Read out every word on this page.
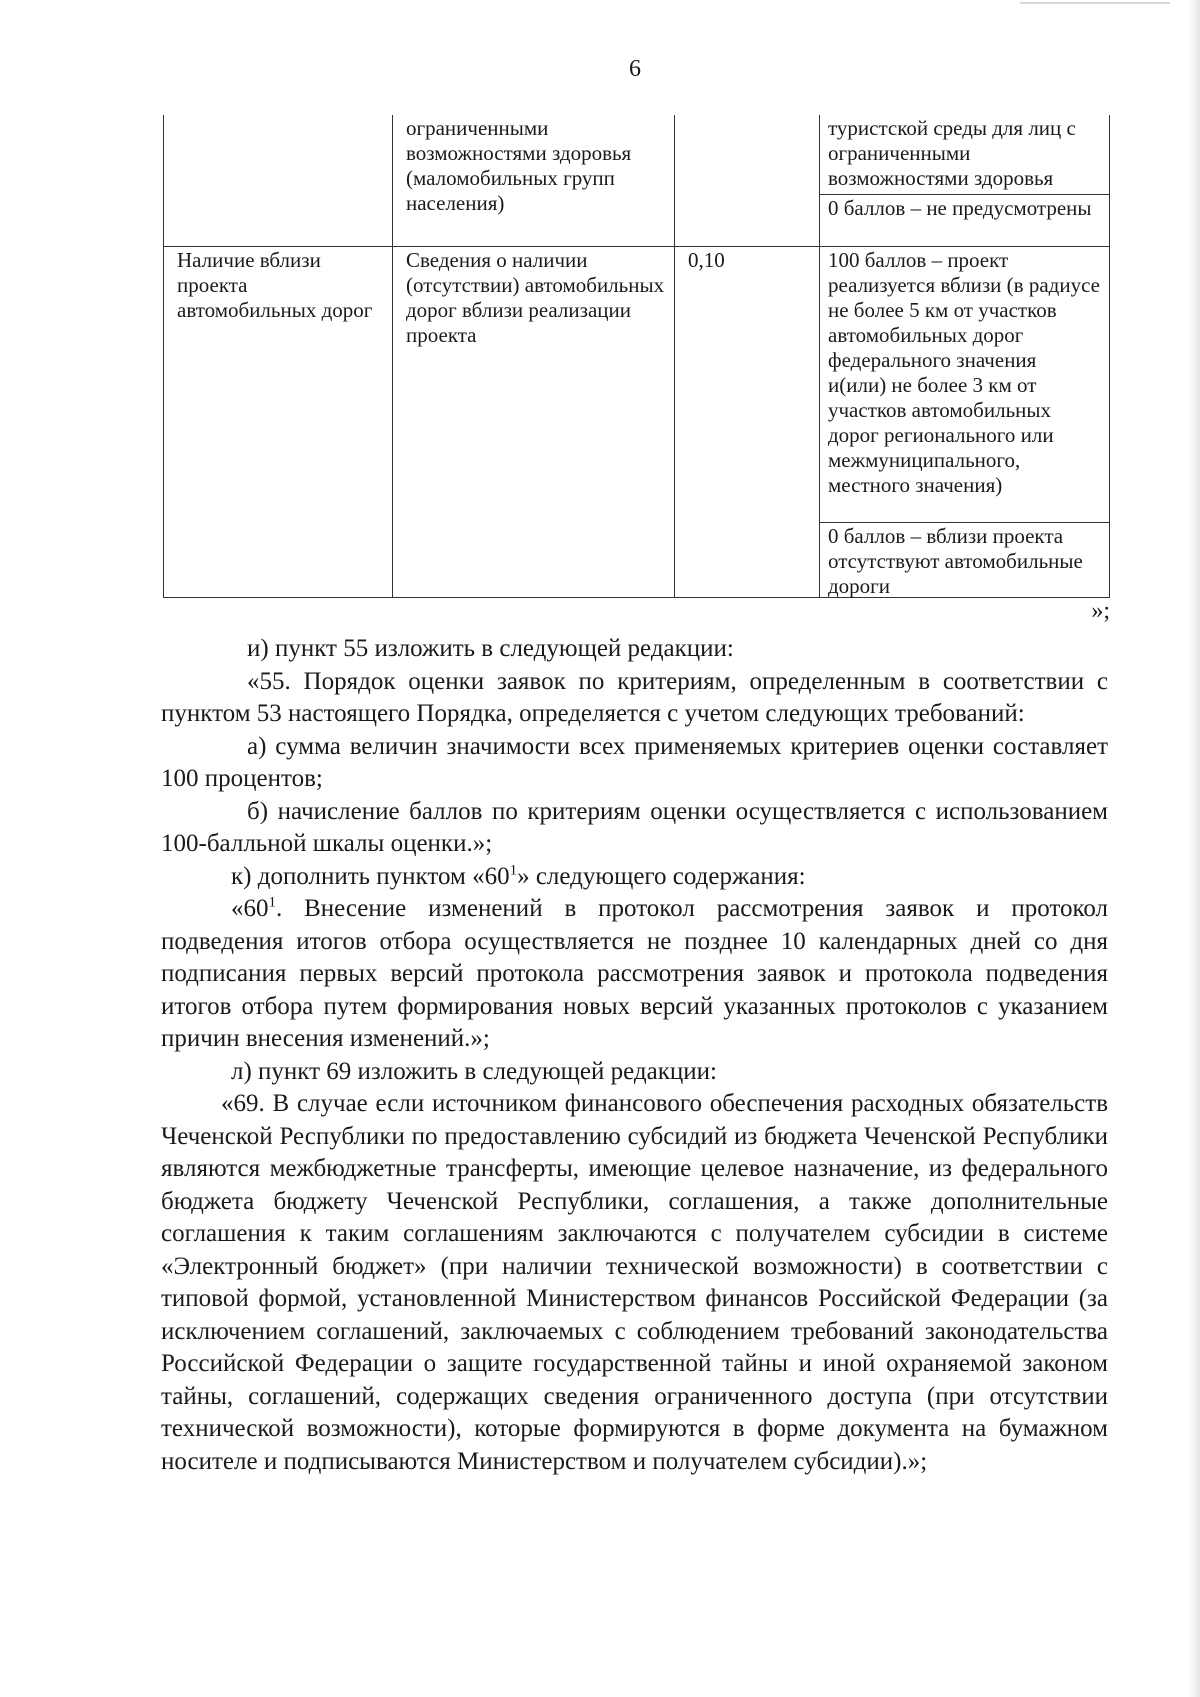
6
	ограниченными возможностями здоровья (маломобильных групп населения)		туристской среды для лиц с ограниченными возможностями здоровья
0 баллов – не предусмотрены

Наличие вблизи проекта автомобильных дорог	Сведения о наличии (отсутствии) автомобильных дорог вблизи реализации проекта	0,10	100 баллов – проект реализуется вблизи (в радиусе не более 5 км от участков автомобильных дорог федерального значения
и(или) не более 3 км от участков автомобильных дорог регионального или межмуниципального, местного значения)
0 баллов – вблизи проекта отсутствуют автомобильные дороги
»;

и) пункт 55 изложить в следующей редакции:

«55. Порядок оценки заявок по критериям, определенным в соответствии с пунктом 53 настоящего Порядка, определяется с учетом следующих требований:

а) сумма величин значимости всех применяемых критериев оценки составляет 100 процентов;

б) начисление баллов по критериям оценки осуществляется с использованием 100-балльной шкалы оценки.»;

к) дополнить пунктом «$60^1$» следующего содержания:

«$60^1$. Внесение изменений в протокол рассмотрения заявок и протокол подведения итогов отбора осуществляется не позднее 10 календарных дней со дня подписания первых версий протокола рассмотрения заявок и протокола подведения итогов отбора путем формирования новых версий указанных протоколов с указанием причин внесения изменений.»;

л) пункт 69 изложить в следующей редакции:

«69. В случае если источником финансового обеспечения расходных обязательств Чеченской Республики по предоставлению субсидий из бюджета Чеченской Республики являются межбюджетные трансферты, имеющие целевое назначение, из федерального бюджета бюджету Чеченской Республики, соглашения, а также дополнительные соглашения к таким соглашениям заключаются с получателем субсидии в системе «Электронный бюджет» (при наличии технической возможности) в соответствии с типовой формой, установленной Министерством финансов Российской Федерации (за исключением соглашений, заключаемых с соблюдением требований законодательства Российской Федерации о защите государственной тайны и иной охраняемой законом тайны, соглашений, содержащих сведения ограниченного доступа (при отсутствии технической возможности), которые формируются в форме документа на бумажном носителе и подписываются Министерством и получателем субсидии).»;
